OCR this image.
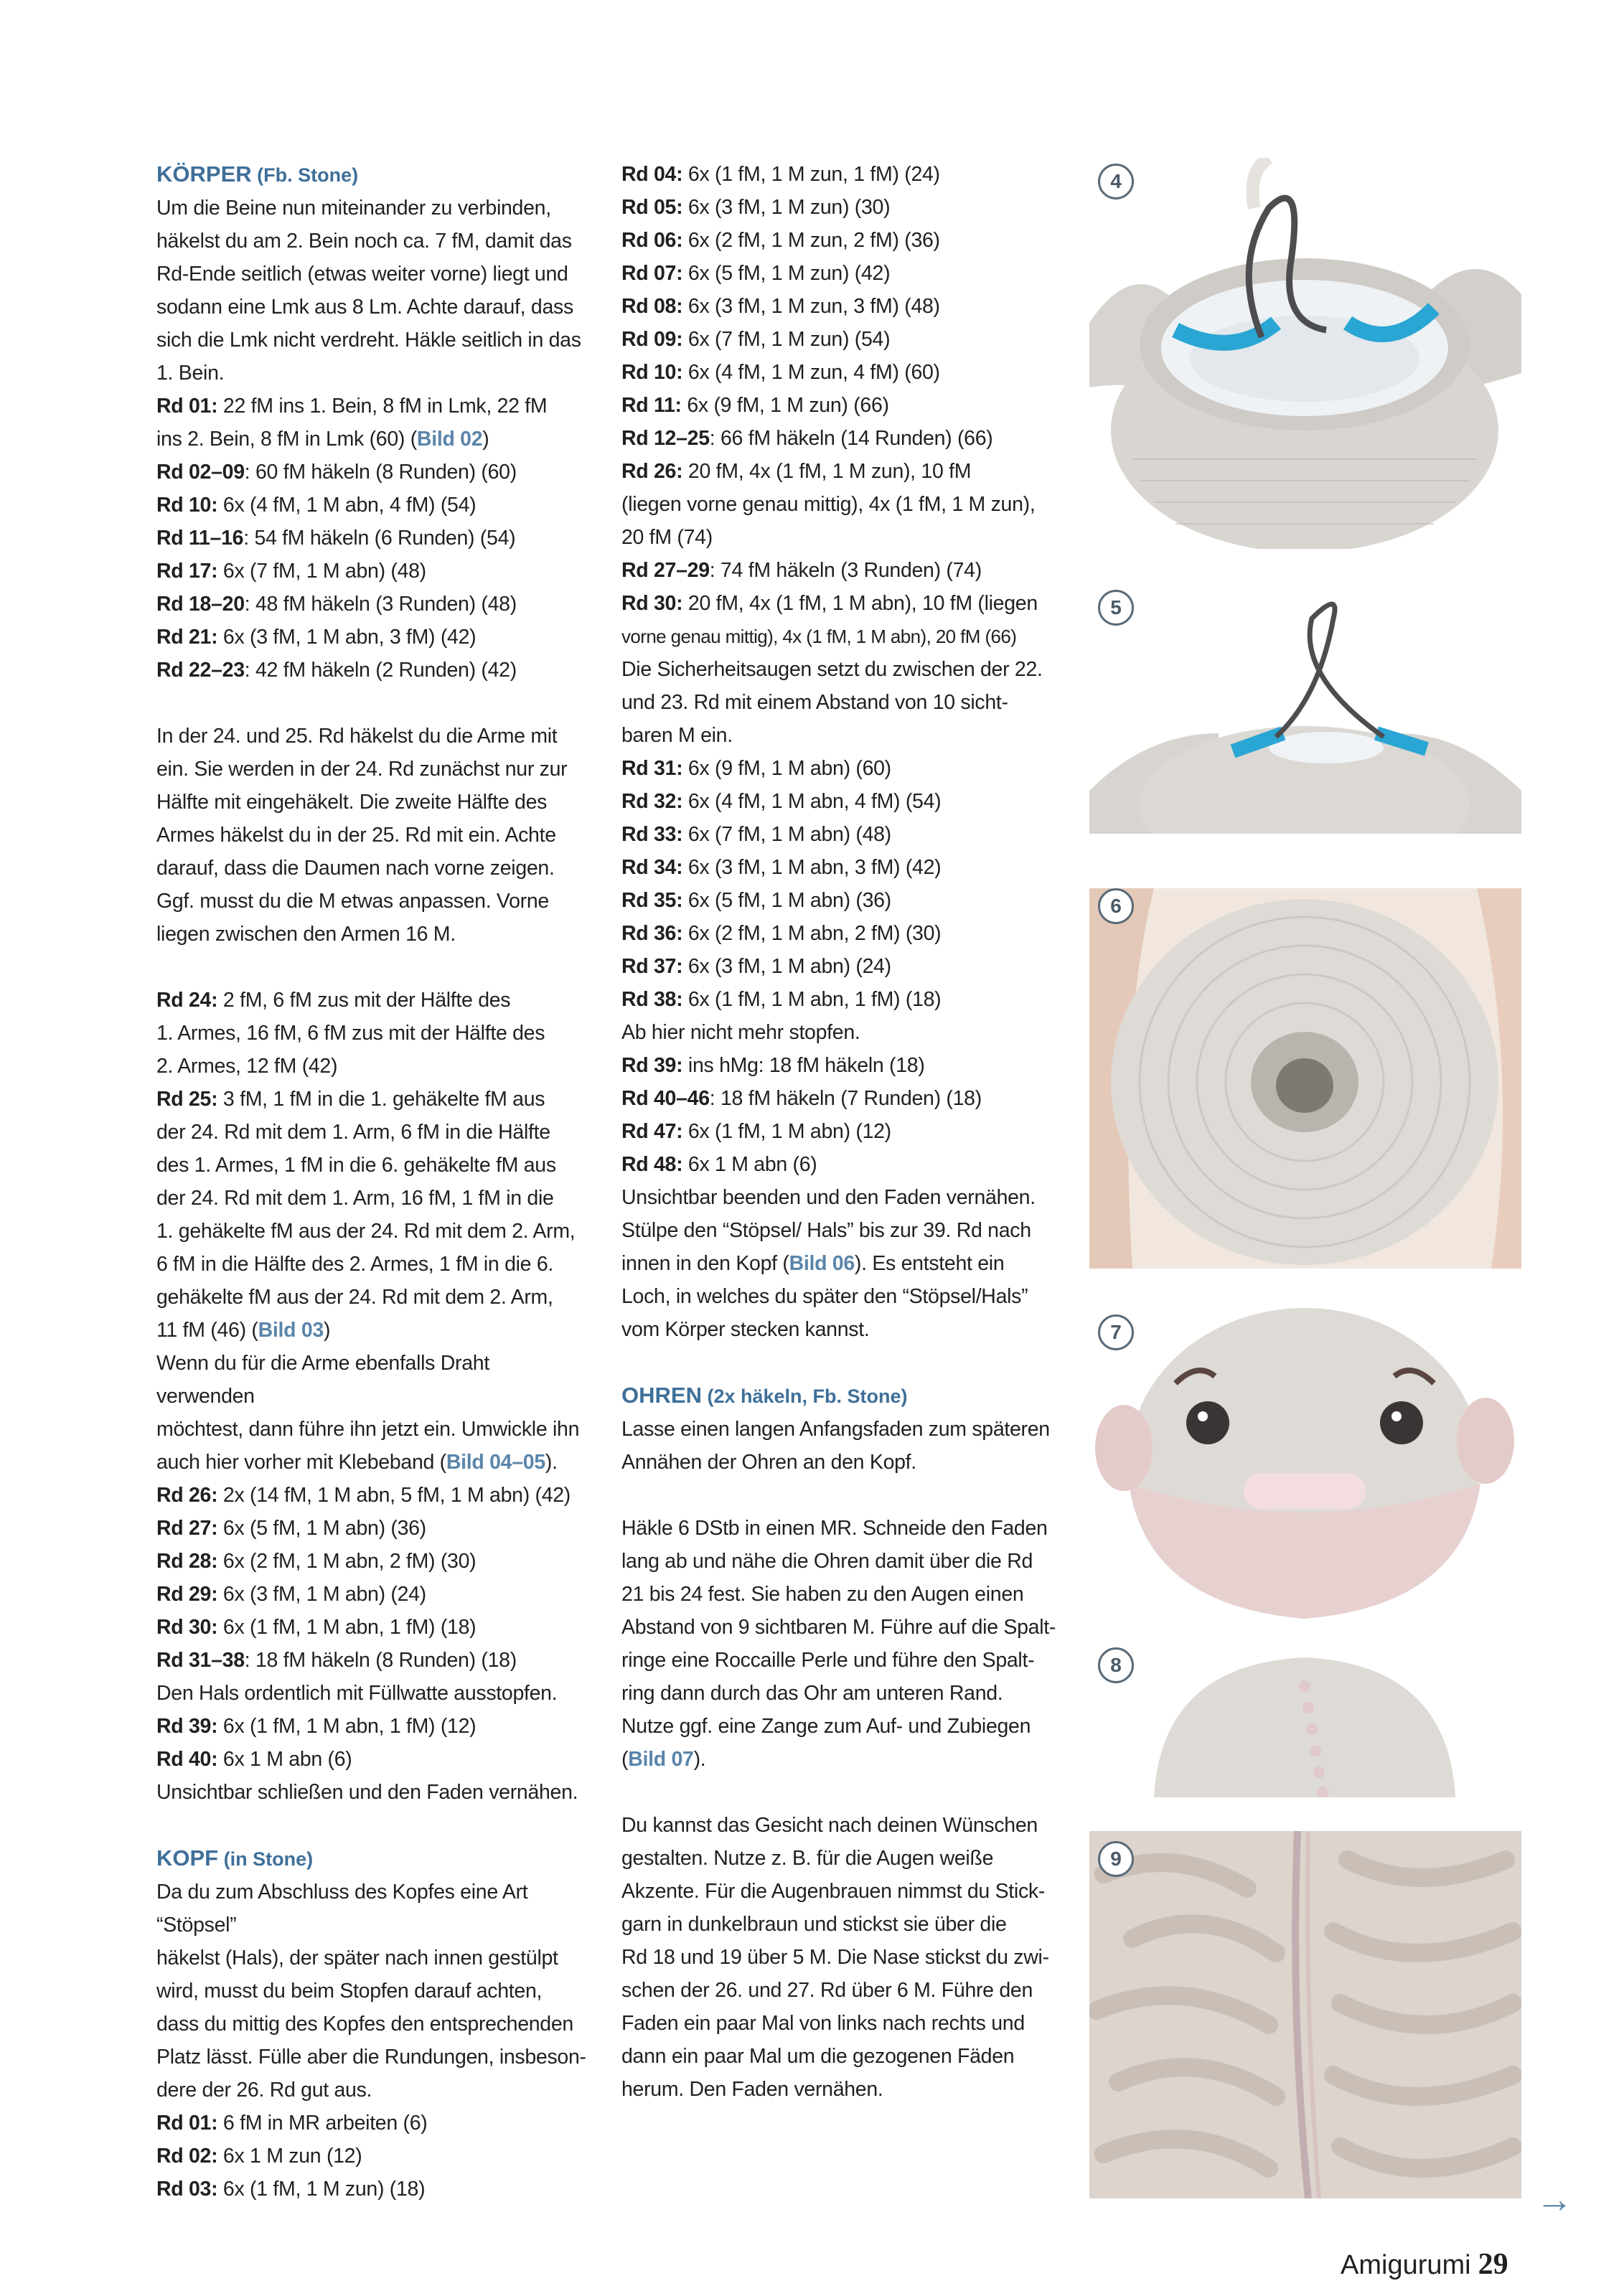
KÖRPER (Fb. Stone)

Um die Beine nun miteinander zu verbinden,

häkelst du am 2. Bein noch ca. 7 fM, damit das

Rd-Ende seitlich (etwas weiter vorne) liegt und

sodann eine Lmk aus 8 Lm. Achte darauf, dass

sich die Lmk nicht verdreht. Häkle seitlich in das

1. Bein.

Rd 01: 22 fM ins 1. Bein, 8 fM in Lmk, 22 fM

ins 2. Bein, 8 fM in Lmk (60) (Bild 02)

Rd 02–09: 60 fM häkeln (8 Runden) (60)

Rd 10: 6x (4 fM, 1 M abn, 4 fM) (54)

Rd 11–16: 54 fM häkeln (6 Runden) (54)

Rd 17: 6x (7 fM, 1 M abn) (48)

Rd 18–20: 48 fM häkeln (3 Runden) (48)

Rd 21: 6x (3 fM, 1 M abn, 3 fM) (42)

Rd 22–23: 42 fM häkeln (2 Runden) (42)

In der 24. und 25. Rd häkelst du die Arme mit

ein. Sie werden in der 24. Rd zunächst nur zur

Hälfte mit eingehäkelt. Die zweite Hälfte des

Armes häkelst du in der 25. Rd mit ein. Achte

darauf, dass die Daumen nach vorne zeigen.

Ggf. musst du die M etwas anpassen. Vorne

liegen zwischen den Armen 16 M.

Rd 24: 2 fM, 6 fM zus mit der Hälfte des

1. Armes, 16 fM, 6 fM zus mit der Hälfte des

2. Armes, 12 fM (42)

Rd 25: 3 fM, 1 fM in die 1. gehäkelte fM aus

der 24. Rd mit dem 1. Arm, 6 fM in die Hälfte

des 1. Armes, 1 fM in die 6. gehäkelte fM aus

der 24. Rd mit dem 1. Arm, 16 fM, 1 fM in die

1. gehäkelte fM aus der 24. Rd mit dem 2. Arm,

6 fM in die Hälfte des 2. Armes, 1 fM in die 6.

gehäkelte fM aus der 24. Rd mit dem 2. Arm,

11 fM (46) (Bild 03)

Wenn du für die Arme ebenfalls Draht verwenden

möchtest, dann führe ihn jetzt ein. Umwickle ihn

auch hier vorher mit Klebeband (Bild 04–05).

Rd 26: 2x (14 fM, 1 M abn, 5 fM, 1 M abn) (42)

Rd 27: 6x (5 fM, 1 M abn) (36)

Rd 28: 6x (2 fM, 1 M abn, 2 fM) (30)

Rd 29: 6x (3 fM, 1 M abn) (24)

Rd 30: 6x (1 fM, 1 M abn, 1 fM) (18)

Rd 31–38: 18 fM häkeln (8 Runden) (18)

Den Hals ordentlich mit Füllwatte ausstopfen.

Rd 39: 6x (1 fM, 1 M abn, 1 fM) (12)

Rd 40: 6x 1 M abn (6)

Unsichtbar schließen und den Faden vernähen.

KOPF (in Stone)

Da du zum Abschluss des Kopfes eine Art “Stöpsel”

häkelst (Hals), der später nach innen gestülpt

wird, musst du beim Stopfen darauf achten,

dass du mittig des Kopfes den entsprechenden

Platz lässt. Fülle aber die Rundungen, insbeson-

dere der 26. Rd gut aus.

Rd 01: 6 fM in MR arbeiten (6)

Rd 02: 6x 1 M zun (12)

Rd 03: 6x (1 fM, 1 M zun) (18)

Rd 04: 6x (1 fM, 1 M zun, 1 fM) (24)

Rd 05: 6x (3 fM, 1 M zun) (30)

Rd 06: 6x (2 fM, 1 M zun, 2 fM) (36)

Rd 07: 6x (5 fM, 1 M zun) (42)

Rd 08: 6x (3 fM, 1 M zun, 3 fM) (48)

Rd 09: 6x (7 fM, 1 M zun) (54)

Rd 10: 6x (4 fM, 1 M zun, 4 fM) (60)

Rd 11: 6x (9 fM, 1 M zun) (66)

Rd 12–25: 66 fM häkeln (14 Runden) (66)

Rd 26: 20 fM, 4x (1 fM, 1 M zun), 10 fM

(liegen vorne genau mittig), 4x (1 fM, 1 M zun),

20 fM (74)

Rd 27–29: 74 fM häkeln (3 Runden) (74)

Rd 30: 20 fM, 4x (1 fM, 1 M abn), 10 fM (liegen

vorne genau mittig), 4x (1 fM, 1 M abn), 20 fM (66)

Die Sicherheitsaugen setzt du zwischen der 22.

und 23. Rd mit einem Abstand von 10 sicht-

baren M ein.

Rd 31: 6x (9 fM, 1 M abn) (60)

Rd 32: 6x (4 fM, 1 M abn, 4 fM) (54)

Rd 33: 6x (7 fM, 1 M abn) (48)

Rd 34: 6x (3 fM, 1 M abn, 3 fM) (42)

Rd 35: 6x (5 fM, 1 M abn) (36)

Rd 36: 6x (2 fM, 1 M abn, 2 fM) (30)

Rd 37: 6x (3 fM, 1 M abn) (24)

Rd 38: 6x (1 fM, 1 M abn, 1 fM) (18)

Ab hier nicht mehr stopfen.

Rd 39: ins hMg: 18 fM häkeln (18)

Rd 40–46: 18 fM häkeln (7 Runden) (18)

Rd 47: 6x (1 fM, 1 M abn) (12)

Rd 48: 6x 1 M abn (6)

Unsichtbar beenden und den Faden vernähen.

Stülpe den “Stöpsel/ Hals” bis zur 39. Rd nach

innen in den Kopf (Bild 06). Es entsteht ein

Loch, in welches du später den “Stöpsel/Hals”

vom Körper stecken kannst.

OHREN (2x häkeln, Fb. Stone)

Lasse einen langen Anfangsfaden zum späteren

Annähen der Ohren an den Kopf.

Häkle 6 DStb in einen MR. Schneide den Faden

lang ab und nähe die Ohren damit über die Rd

21 bis 24 fest. Sie haben zu den Augen einen

Abstand von 9 sichtbaren M. Führe auf die Spalt-

ringe eine Roccaille Perle und führe den Spalt-

ring dann durch das Ohr am unteren Rand.

Nutze ggf. eine Zange zum Auf- und Zubiegen

(Bild 07).

Du kannst das Gesicht nach deinen Wünschen

gestalten. Nutze z. B. für die Augen weiße

Akzente. Für die Augenbrauen nimmst du Stick-

garn in dunkelbraun und stickst sie über die

Rd 18 und 19 über 5 M. Die Nase stickst du zwi-

schen der 26. und 27. Rd über 6 M. Führe den

Faden ein paar Mal von links nach rechts und

dann ein paar Mal um die gezogenen Fäden

herum. Den Faden vernähen.

4
5
6
7
8
9
→
Amigurumi 29
